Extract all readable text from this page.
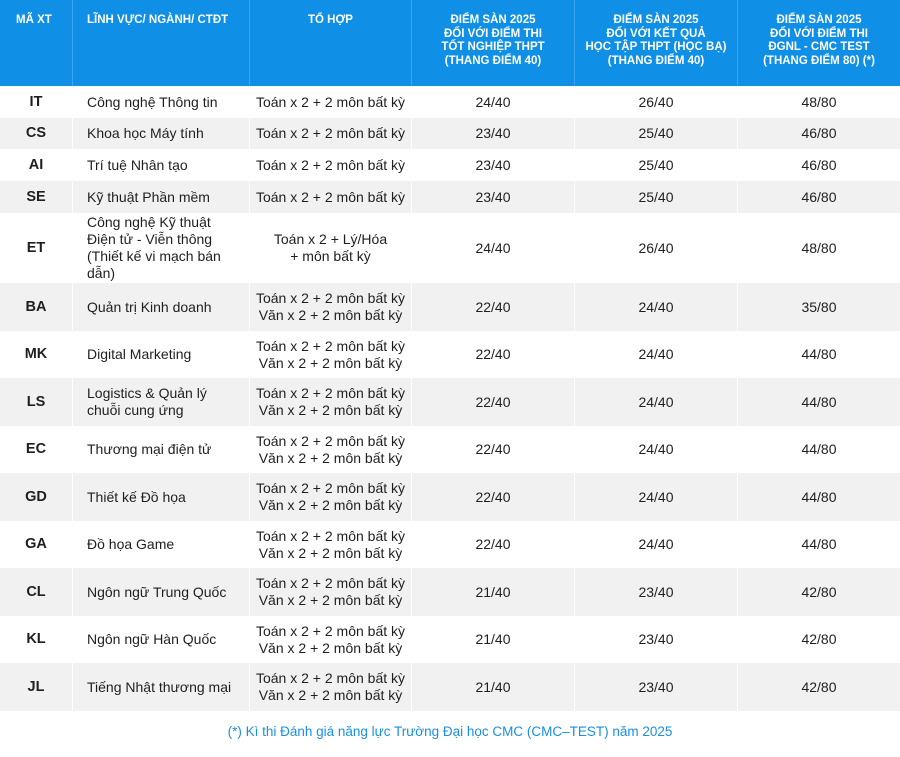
MÃ XT	LĨNH VỰC/ NGÀNH/ CTĐT	TỔ HỢP	ĐIỂM SÀN 2025
ĐỐI VỚI ĐIỂM THI
TỐT NGHIỆP THPT
(THANG ĐIỂM 40)	ĐIỂM SÀN 2025
ĐỐI VỚI KẾT QUẢ
HỌC TẬP THPT (HỌC BẠ)
(THANG ĐIỂM 40)	ĐIỂM SÀN 2025
ĐỐI VỚI ĐIỂM THI
ĐGNL - CMC TEST
(THANG ĐIỂM 80) (*)
IT	Công nghệ Thông tin	Toán x 2 + 2 môn bất kỳ	24/40	26/40	48/80
CS	Khoa học Máy tính	Toán x 2 + 2 môn bất kỳ	23/40	25/40	46/80
AI	Trí tuệ Nhân tạo	Toán x 2 + 2 môn bất kỳ	23/40	25/40	46/80
SE	Kỹ thuật Phần mềm	Toán x 2 + 2 môn bất kỳ	23/40	25/40	46/80
ET	Công nghệ Kỹ thuật
Điện tử - Viễn thông
(Thiết kế vi mạch bán dẫn)	Toán x 2 + Lý/Hóa
+ môn bất kỳ	24/40	26/40	48/80
BA	Quản trị Kinh doanh	Toán x 2 + 2 môn bất kỳ
Văn x 2 + 2 môn bất kỳ	22/40	24/40	35/80
MK	Digital Marketing	Toán x 2 + 2 môn bất kỳ
Văn x 2 + 2 môn bất kỳ	22/40	24/40	44/80
LS	Logistics & Quản lý
chuỗi cung ứng	Toán x 2 + 2 môn bất kỳ
Văn x 2 + 2 môn bất kỳ	22/40	24/40	44/80
EC	Thương mại điện tử	Toán x 2 + 2 môn bất kỳ
Văn x 2 + 2 môn bất kỳ	22/40	24/40	44/80
GD	Thiết kế Đồ họa	Toán x 2 + 2 môn bất kỳ
Văn x 2 + 2 môn bất kỳ	22/40	24/40	44/80
GA	Đồ họa Game	Toán x 2 + 2 môn bất kỳ
Văn x 2 + 2 môn bất kỳ	22/40	24/40	44/80
CL	Ngôn ngữ Trung Quốc	Toán x 2 + 2 môn bất kỳ
Văn x 2 + 2 môn bất kỳ	21/40	23/40	42/80
KL	Ngôn ngữ Hàn Quốc	Toán x 2 + 2 môn bất kỳ
Văn x 2 + 2 môn bất kỳ	21/40	23/40	42/80
JL	Tiếng Nhật thương mại	Toán x 2 + 2 môn bất kỳ
Văn x 2 + 2 môn bất kỳ	21/40	23/40	42/80
(*) Kì thi Đánh giá năng lực Trường Đại học CMC (CMC–TEST) năm 2025
